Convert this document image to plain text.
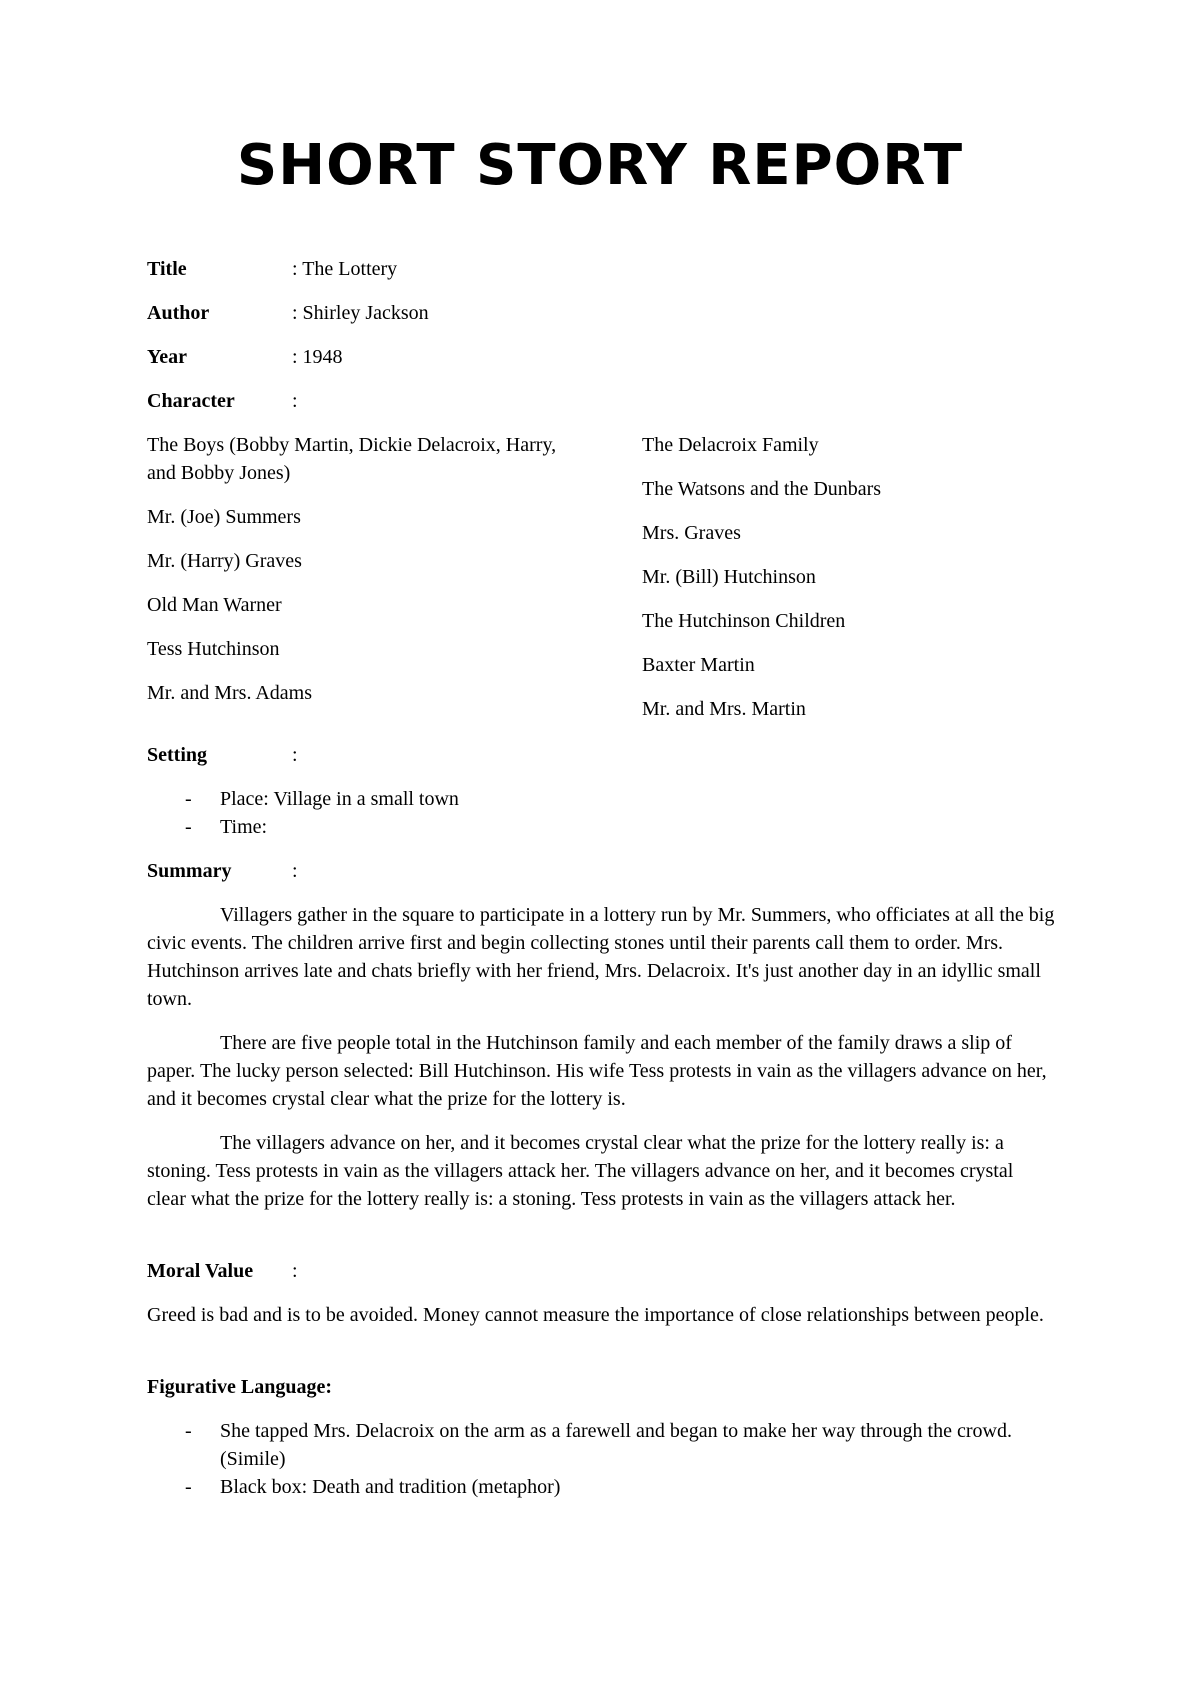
SHORT STORY REPORT
Title	: The Lottery
Author	: Shirley Jackson
Year	: 1948
Character	:

The Boys (Bobby Martin, Dickie Delacroix, Harry, and Bobby Jones)

Mr. (Joe) Summers

Mr. (Harry) Graves

Old Man Warner

Tess Hutchinson

Mr. and Mrs. Adams

The Delacroix Family

The Watsons and the Dunbars

Mrs. Graves

Mr. (Bill) Hutchinson

The Hutchinson Children

Baxter Martin

Mr. and Mrs. Martin

Setting	:
- Place: Village in a small town
- Time:
Summary	:

Villagers gather in the square to participate in a lottery run by Mr. Summers, who officiates at all the big civic events. The children arrive first and begin collecting stones until their parents call them to order. Mrs. Hutchinson arrives late and chats briefly with her friend, Mrs. Delacroix. It's just another day in an idyllic small town.

There are five people total in the Hutchinson family and each member of the family draws a slip of paper. The lucky person selected: Bill Hutchinson. His wife Tess protests in vain as the villagers advance on her, and it becomes crystal clear what the prize for the lottery is.

The villagers advance on her, and it becomes crystal clear what the prize for the lottery really is: a stoning. Tess protests in vain as the villagers attack her. The villagers advance on her, and it becomes crystal clear what the prize for the lottery really is: a stoning. Tess protests in vain as the villagers attack her.

Moral Value :

Greed is bad and is to be avoided. Money cannot measure the importance of close relationships between people.

Figurative Language:
- She tapped Mrs. Delacroix on the arm as a farewell and began to make her way through the crowd. (Simile)
- Black box: Death and tradition (metaphor)
